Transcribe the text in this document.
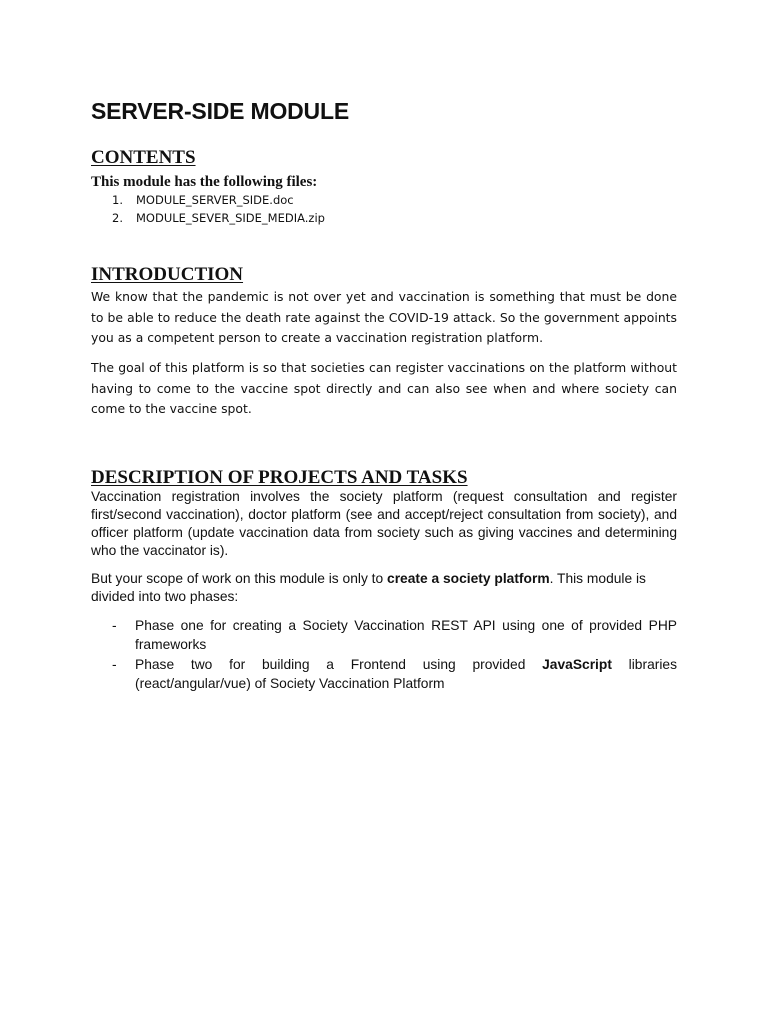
SERVER-SIDE MODULE
CONTENTS

This module has the following files:

1.	MODULE_SERVER_SIDE.doc
2.	MODULE_SEVER_SIDE_MEDIA.zip
INTRODUCTION

We know that the pandemic is not over yet and vaccination is something that must be done to be able to reduce the death rate against the COVID-19 attack. So the government appoints you as a competent person to create a vaccination registration platform.

The goal of this platform is so that societies can register vaccinations on the platform without having to come to the vaccine spot directly and can also see when and where society can come to the vaccine spot.

DESCRIPTION OF PROJECTS AND TASKS

Vaccination registration involves the society platform (request consultation and register first/second vaccination), doctor platform (see and accept/reject consultation from society), and officer platform (update vaccination data from society such as giving vaccines and determining who the vaccinator is).

But your scope of work on this module is only to create a society platform. This module is divided into two phases:

- Phase one for creating a Society Vaccination REST API using one of provided PHP frameworks
- Phase two for building a Frontend using provided JavaScript libraries (react/angular/vue) of Society Vaccination Platform
